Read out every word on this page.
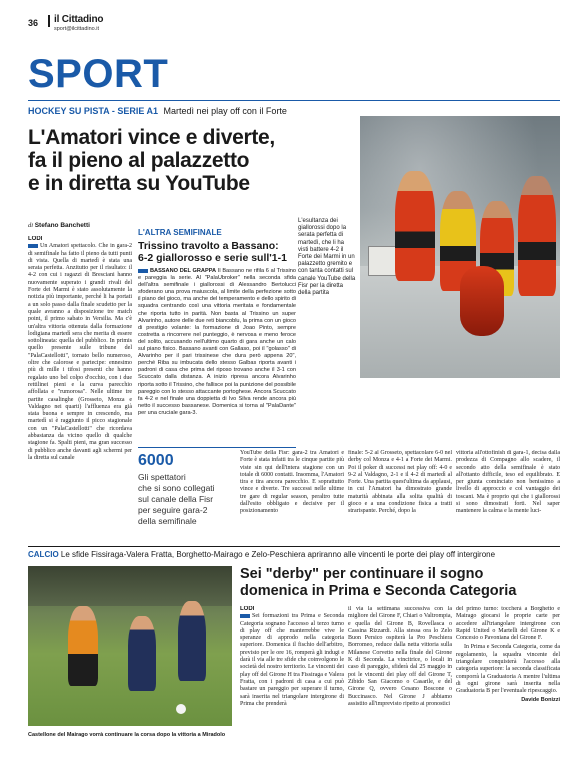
36 il Cittadino
sport@ilcittadino.it
SPORT
HOCKEY SU PISTA - SERIE A1 Martedì nei play off con il Forte
L'Amatori vince e diverte,
fa il pieno al palazzetto
e in diretta su YouTube
L'esultanza dei giallorossi dopo la serata perfetta di martedì, che li ha visti battere 4-2 il Forte dei Marmi in un palazzetto gremito e con tanta contatti sul canale YouTube della Fisr per la diretta della partita
di Stefano Banchetti
LODI
Un Amatori spettacolo. Che in gara-2 di semifinale ha fatto il pieno da tutti punti di vista. Quella di martedì è stata una serata perfetta. Anzitutto per il risultato: il 4-2 con cui i ragazzi di Bresciani hanno nuovamente superato i grandi rivali del Forte dei Marmi è stato assolutamente la notizia più importante, perché li ha portati a un solo passo dalla finale scudetto per la quale avranno a disposizione tre match point, il primo sabato in Versilia. Ma c'è un'altra vittoria ottenuta dalla formazione lodigiana martedì sera che merita di essere sottolineata: quella del pubblico. In primis quello presente sulle tribune del "PalaCastellotti", tornato bello numeroso, oltre che calorose e partecipe: ennesimo più di mille i tifosi presenti che hanno regalato uno bel colpo d'occhio, con i due rettilinei pieni e la curva parecchio affollata e "rumorosa". Nelle ultime tre partite casalinghe (Grosseto, Monza e Valdagno nei quarti) l'affluenza era già stata buona e sempre in crescendo, ma martedì si è raggiunto il picco stagionale con un "PalaCastellotti" che ricordava abbastanza da vicino quello di qualche stagione fa. Spalti pieni, ma gran successo di pubblico anche davanti agli schermi per la diretta sul canale
L'ALTRA SEMIFINALE
Trissino travolto a Bassano:
6-2 giallorosso e serie sull'1-1
BASSANO DEL GRAPPA Il Bassano ne rifila 6 al Trissino e pareggia la serie. Al "PalaUbroker" nella seconda sfida dell'altra semifinale i giallorossi di Alessandro Bertolucci sfoderano una prova maiuscola, al limite della perfezione sotto il piano del gioco, ma anche del temperamento e dello spirito di squadra centrando così una vittoria meritata e fondamentale che riporta tutto in parità. Non basta al Trissino un super Alvarinho, autore delle due reti biancoblu, la prima con un gioco di prestigio volante: la formazione di Joao Pinto, sempre costretta a rincorrere nel punteggio, è nervosa e meno feroce del solito, accusando nell'ultimo quarto di gara anche un calo sul piano fisico. Bassano avanti con Gallaso, poi il "golasso" di Alvarinho per il pari trissinese che dura però appena 20", perché Riba su imbucata dello stesso Galbas riporta avanti i padroni di casa che prima del riposo trovano anche il 3-1 con Scuccato dalla distanza. A inizio ripresa ancora Alvarinho riporta sotto il Trissino, che fallisce poi la punizione del possibile pareggio con lo stesso attaccante portoghese. Ancora Scuccato fa 4-2 e nel finale una doppietta di Ivo Silva rende ancora più netto il successo bassanese. Domenica si torna al "PalaDante" per una cruciale gara-3.
6000
Gli spettatori
che si sono collegati
sul canale della Fisr
per seguire gara-2
della semifinale
YouTube della Fisr: gara-2 tra Amatori e Forte è stata infatti tra le cinque partite più viste sin qui dell'intera stagione con un totale di 6000 contatti. Insomma, l'Amatori tira e tira ancora parecchio. E soprattutto vince e diverte. Tre successi nelle ultime tre gare di regular season, peraltro tutte dall'esito obbligato e decisive per il posizionamento
finale: 5-2 al Grosseto, spettacolare 6-0 nel derby col Monza e 4-1 a Forte dei Marmi. Poi il poker di successi nei play off: 4-0 e 9-2 al Valdagno, 2-1 e il 4-2 di martedì al Forte. Una partita quest'ultima da applausi, in cui l'Amatori ha dimostrato grande maturità abbinata alla solita qualità di gioco e a una condizione fisica a tratti strarispante. Perché, dopo la
vittoria all'ottofinish di gara-1, decisa dalla prodezza di Compagno allo scadere, il secondo atto della semifinale è stato all'ottanto difficile, teso ed equilibrato. E per giunta cominciato non benissimo a livello di approccio e col vantaggio dei toscani. Ma è proprio qui che i giallorossi si sono dimostrati forti. Nel saper mantenere la calma e la mente luci-
CALCIO Le sfide Fissiraga-Valera Fratta, Borghetto-Mairago e Zelo-Peschiera apriranno alle vincenti le porte dei play off intergirone
Castellone del Mairago vorrà continuare la corsa dopo la vittoria a Miradolo
Sei "derby" per continuare il sogno
domenica in Prima e Seconda Categoria
LODI
Sei formazioni tra Prima e Seconda Categoria sognano l'accesso al terzo turno di play off che manterrebbe vive le speranze di approdo nella categoria superiore. Domenica il fischio dell'arbitro, previsto per le ore 16, romperà gli indugi e darà il via alle tre sfide che coinvolgono le società del nostro territorio. Le vincenti dei play off del Girone H tra Fissiraga e Valera Fratta, con i padroni di casa a cui può bastare un pareggio per superare il turno, sarà inserita nel triangolare intergirone di Prima che prenderà
il via la settimana successiva con la migliore del Girone F, Chiari o Valtrompia, e quella del Girone B, Rovellasca o Cassina Rizzardi. Alla stessa ora lo Zelo Buon Persico ospiterà la Pro Peschiera Borromeo, reduce dalla netta vittoria sulla Milanese Corvetto nella finale del Girone K di Seconda. La vincitrice, o locali in caso di pareggio, sfiderà dal 25 maggio in poi le vincenti dei play off del Girone T, Zibido San Giacomo o Casarile, e del Girone Q, ovvero Cesano Boscone o Buccinasco. Nel Girone J abbiamo assistito all'imprevisto ripetto ai pronostici
del primo turno: toccherà a Borghetto e Mairago giocarsi le proprie carte per accedere all'triangolare intergirone con Rapid United o Martelli del Girone K e Concesio o Pavoniana del Girone F.
In Prima e Seconda Categoria, come da regolamento, la squadra vincente del triangolare conquisterà l'accesso alla categoria superiore: la seconda classificata comporrà la Graduatoria A mentre l'ultima di ogni girone sarà inserita nella Graduatoria B per l'eventuale ripescaggio.
Davide Bonizzi
